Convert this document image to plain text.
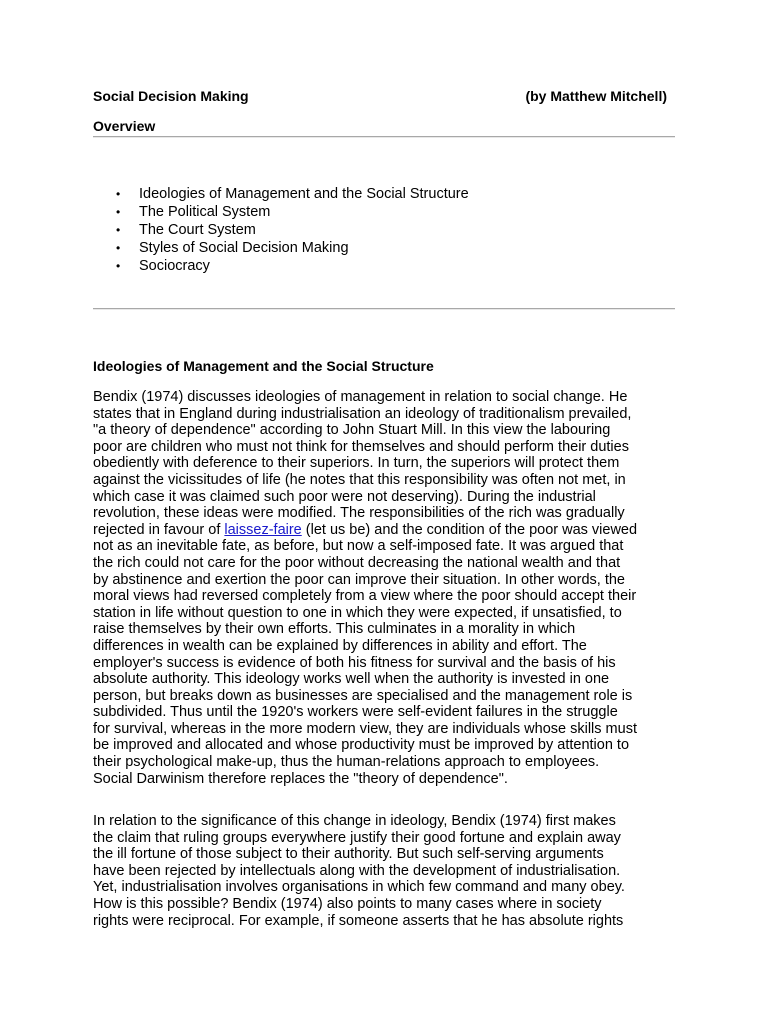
Social Decision Making	(by Matthew Mitchell)
Overview
• Ideologies of Management and the Social Structure
• The Political System
• The Court System
• Styles of Social Decision Making
• Sociocracy
Ideologies of Management and the Social Structure
Bendix (1974) discusses ideologies of management in relation to social change. He
states that in England during industrialisation an ideology of traditionalism prevailed,
"a theory of dependence" according to John Stuart Mill. In this view the labouring
poor are children who must not think for themselves and should perform their duties
obediently with deference to their superiors. In turn, the superiors will protect them
against the vicissitudes of life (he notes that this responsibility was often not met, in
which case it was claimed such poor were not deserving). During the industrial
revolution, these ideas were modified. The responsibilities of the rich was gradually
rejected in favour of laissez-faire (let us be) and the condition of the poor was viewed
not as an inevitable fate, as before, but now a self-imposed fate. It was argued that
the rich could not care for the poor without decreasing the national wealth and that
by abstinence and exertion the poor can improve their situation. In other words, the
moral views had reversed completely from a view where the poor should accept their
station in life without question to one in which they were expected, if unsatisfied, to
raise themselves by their own efforts. This culminates in a morality in which
differences in wealth can be explained by differences in ability and effort. The
employer's success is evidence of both his fitness for survival and the basis of his
absolute authority. This ideology works well when the authority is invested in one
person, but breaks down as businesses are specialised and the management role is
subdivided. Thus until the 1920's workers were self-evident failures in the struggle
for survival, whereas in the more modern view, they are individuals whose skills must
be improved and allocated and whose productivity must be improved by attention to
their psychological make-up, thus the human-relations approach to employees.
Social Darwinism therefore replaces the "theory of dependence".
In relation to the significance of this change in ideology, Bendix (1974) first makes
the claim that ruling groups everywhere justify their good fortune and explain away
the ill fortune of those subject to their authority. But such self-serving arguments
have been rejected by intellectuals along with the development of industrialisation.
Yet, industrialisation involves organisations in which few command and many obey.
How is this possible? Bendix (1974) also points to many cases where in society
rights were reciprocal. For example, if someone asserts that he has absolute rights
